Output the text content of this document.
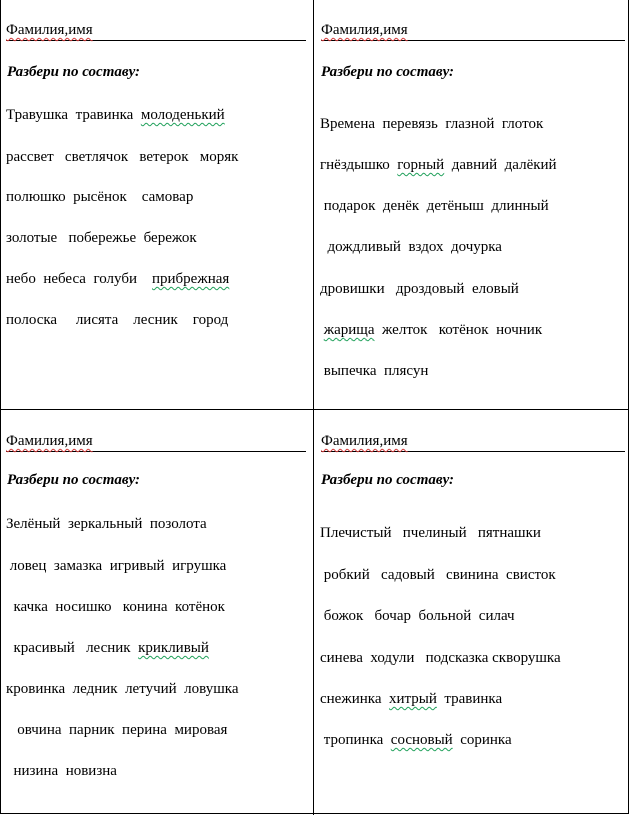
Фамилия,имя
Разбери по составу:
Травушка  травинка  молоденький
рассвет   светлячок   ветерок   моряк
полюшко  рысёнок    самовар
золотые   побережье  бережок
небо  небеса  голуби    прибрежная
полоска     лисята    лесник    город
Фамилия,имя
Разбери по составу:
Времена  перевязь  глазной  глоток
гнёздышко  горный  давний  далёкий
подарок  денёк  детёныш  длинный
дождливый  вздох  дочурка
дровишки   дроздовый  еловый
жарища  желток   котёнок  ночник
выпечка  плясун
Фамилия,имя
Разбери по составу:
Зелёный  зеркальный  позолота
ловец  замазка  игривый  игрушка
качка  носишко   конина  котёнок
красивый   лесник  крикливый
кровинка  ледник  летучий  ловушка
овчина  парник  перина  мировая
низина  новизна
Фамилия,имя
Разбери по составу:
Плечистый   пчелиный   пятнашки
робкий   садовый   свинина  свисток
божок   бочар  больной  силач
синева  ходули   подсказка скворушка
снежинка  хитрый  травинка
тропинка  сосновый  соринка
